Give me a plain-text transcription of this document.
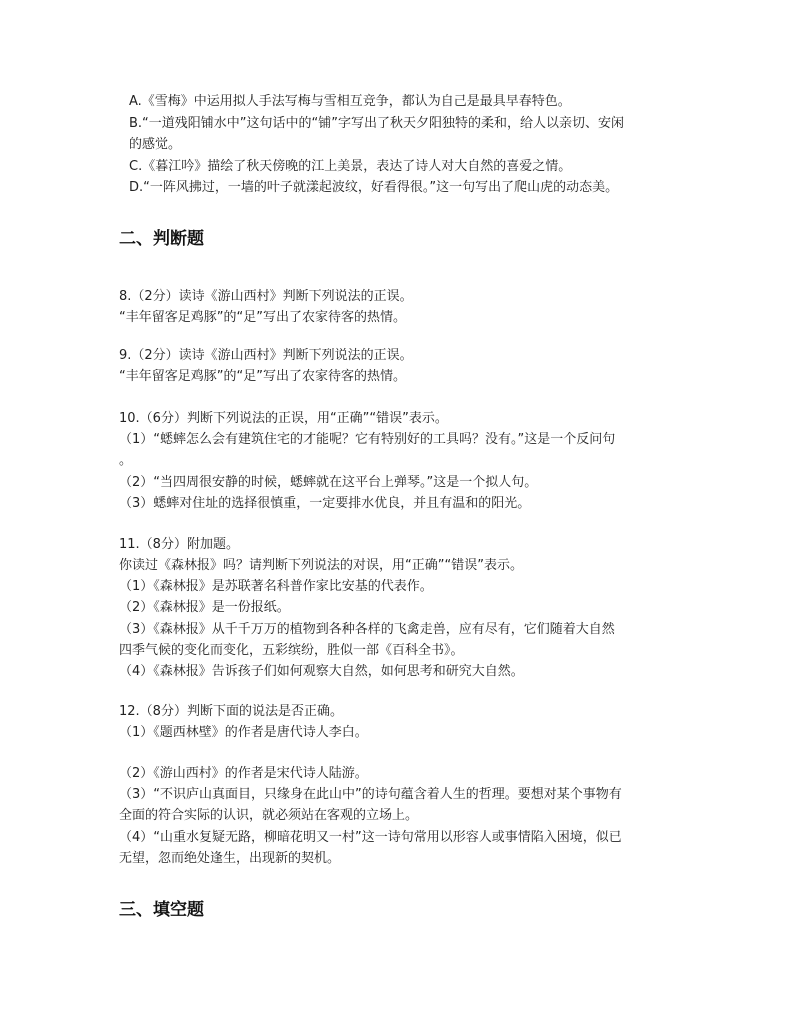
A.《雪梅》中运用拟人手法写梅与雪相互竞争，都认为自己是最具早春特色。
B.“一道残阳铺水中”这句话中的“铺”字写出了秋天夕阳独特的柔和，给人以亲切、安闲
的感觉。
C.《暮江吟》描绘了秋天傍晚的江上美景，表达了诗人对大自然的喜爱之情。
D.“一阵风拂过，一墙的叶子就漾起波纹，好看得很。”这一句写出了爬山虎的动态美。
二、判断题
8.（2分）读诗《游山西村》判断下列说法的正误。
“丰年留客足鸡豚”的“足”写出了农家待客的热情。
9.（2分）读诗《游山西村》判断下列说法的正误。
“丰年留客足鸡豚”的“足”写出了农家待客的热情。
10.（6分）判断下列说法的正误，用“正确”“错误”表示。
（1）“蟋蟀怎么会有建筑住宅的才能呢？它有特别好的工具吗？没有。”这是一个反问句
。
（2）“当四周很安静的时候，蟋蟀就在这平台上弹琴。”这是一个拟人句。
（3）蟋蟀对住址的选择很慎重，一定要排水优良，并且有温和的阳光。
11.（8分）附加题。
你读过《森林报》吗？请判断下列说法的对误，用“正确”“错误”表示。
（1）《森林报》是苏联著名科普作家比安基的代表作。
（2）《森林报》是一份报纸。
（3）《森林报》从千千万万的植物到各种各样的飞禽走兽，应有尽有，它们随着大自然
四季气候的变化而变化，五彩缤纷，胜似一部《百科全书》。
（4）《森林报》告诉孩子们如何观察大自然，如何思考和研究大自然。
12.（8分）判断下面的说法是否正确。
（1）《题西林壁》的作者是唐代诗人李白。
（2）《游山西村》的作者是宋代诗人陆游。
（3）“不识庐山真面目，只缘身在此山中”的诗句蕴含着人生的哲理。要想对某个事物有
全面的符合实际的认识，就必须站在客观的立场上。
（4）“山重水复疑无路，柳暗花明又一村”这一诗句常用以形容人或事情陷入困境，似已
无望，忽而绝处逢生，出现新的契机。
三、填空题
